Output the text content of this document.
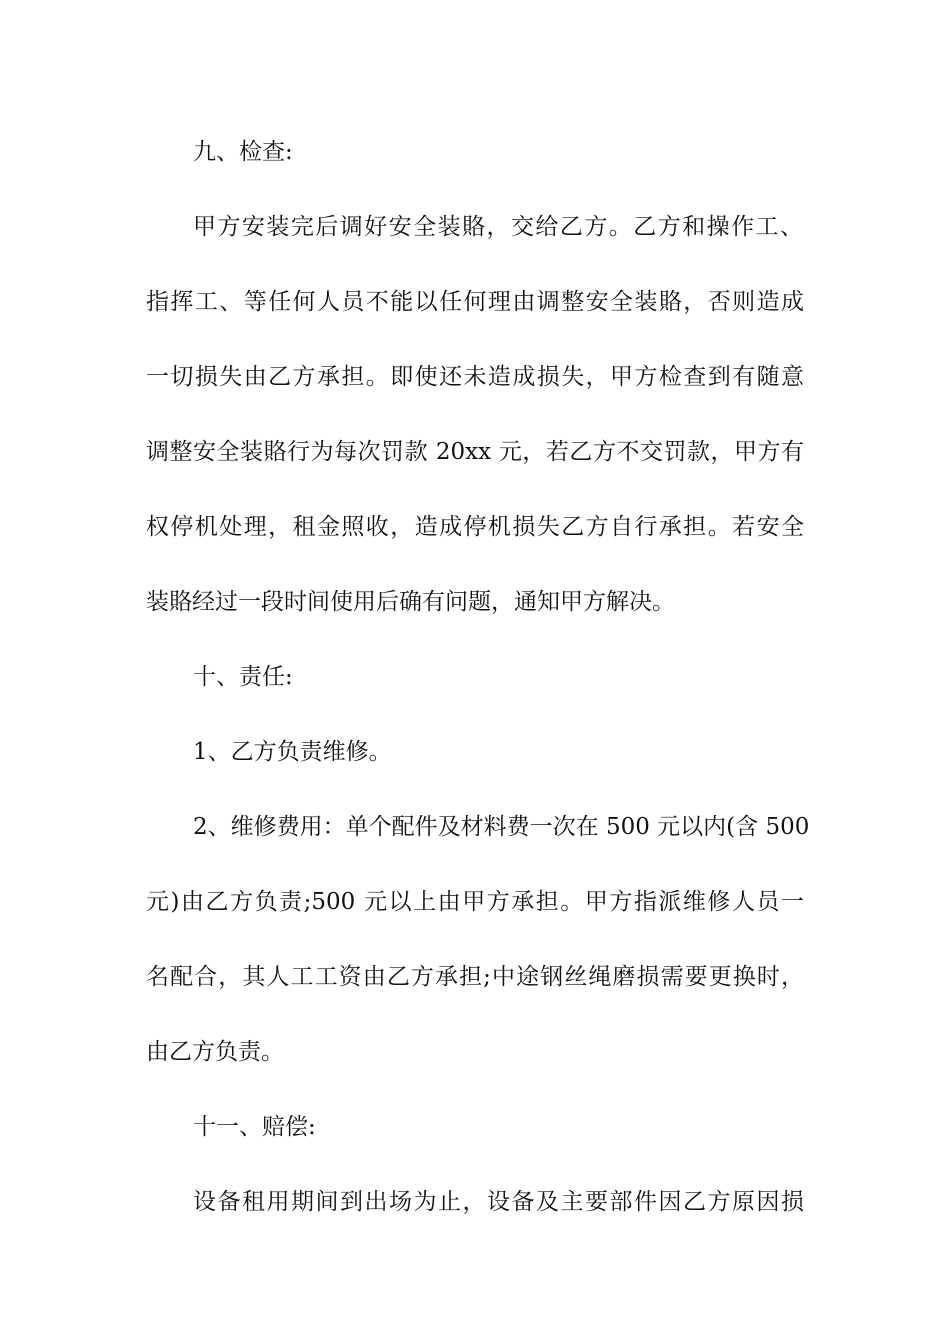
九、检查:
甲方安装完后调好安全装賂，交给乙方。乙方和操作工、
指挥工、等任何人员不能以任何理由调整安全装賂，否则造成
一切损失由乙方承担。即使还未造成损失，甲方检查到有随意
调整安全装賂行为每次罚款 20xx 元，若乙方不交罚款，甲方有
权停机处理，租金照收，造成停机损失乙方自行承担。若安全
装賂经过一段时间使用后确有问题，通知甲方解决。
十、责任:
1、乙方负责维修。
2、维修费用：单个配件及材料费一次在 500 元以内(含 500
元)由乙方负责;500 元以上由甲方承担。甲方指派维修人员一
名配合，其人工工资由乙方承担;中途钢丝绳磨损需要更换时，
由乙方负责。
十一、赔偿:
设备租用期间到出场为止，设备及主要部件因乙方原因损
